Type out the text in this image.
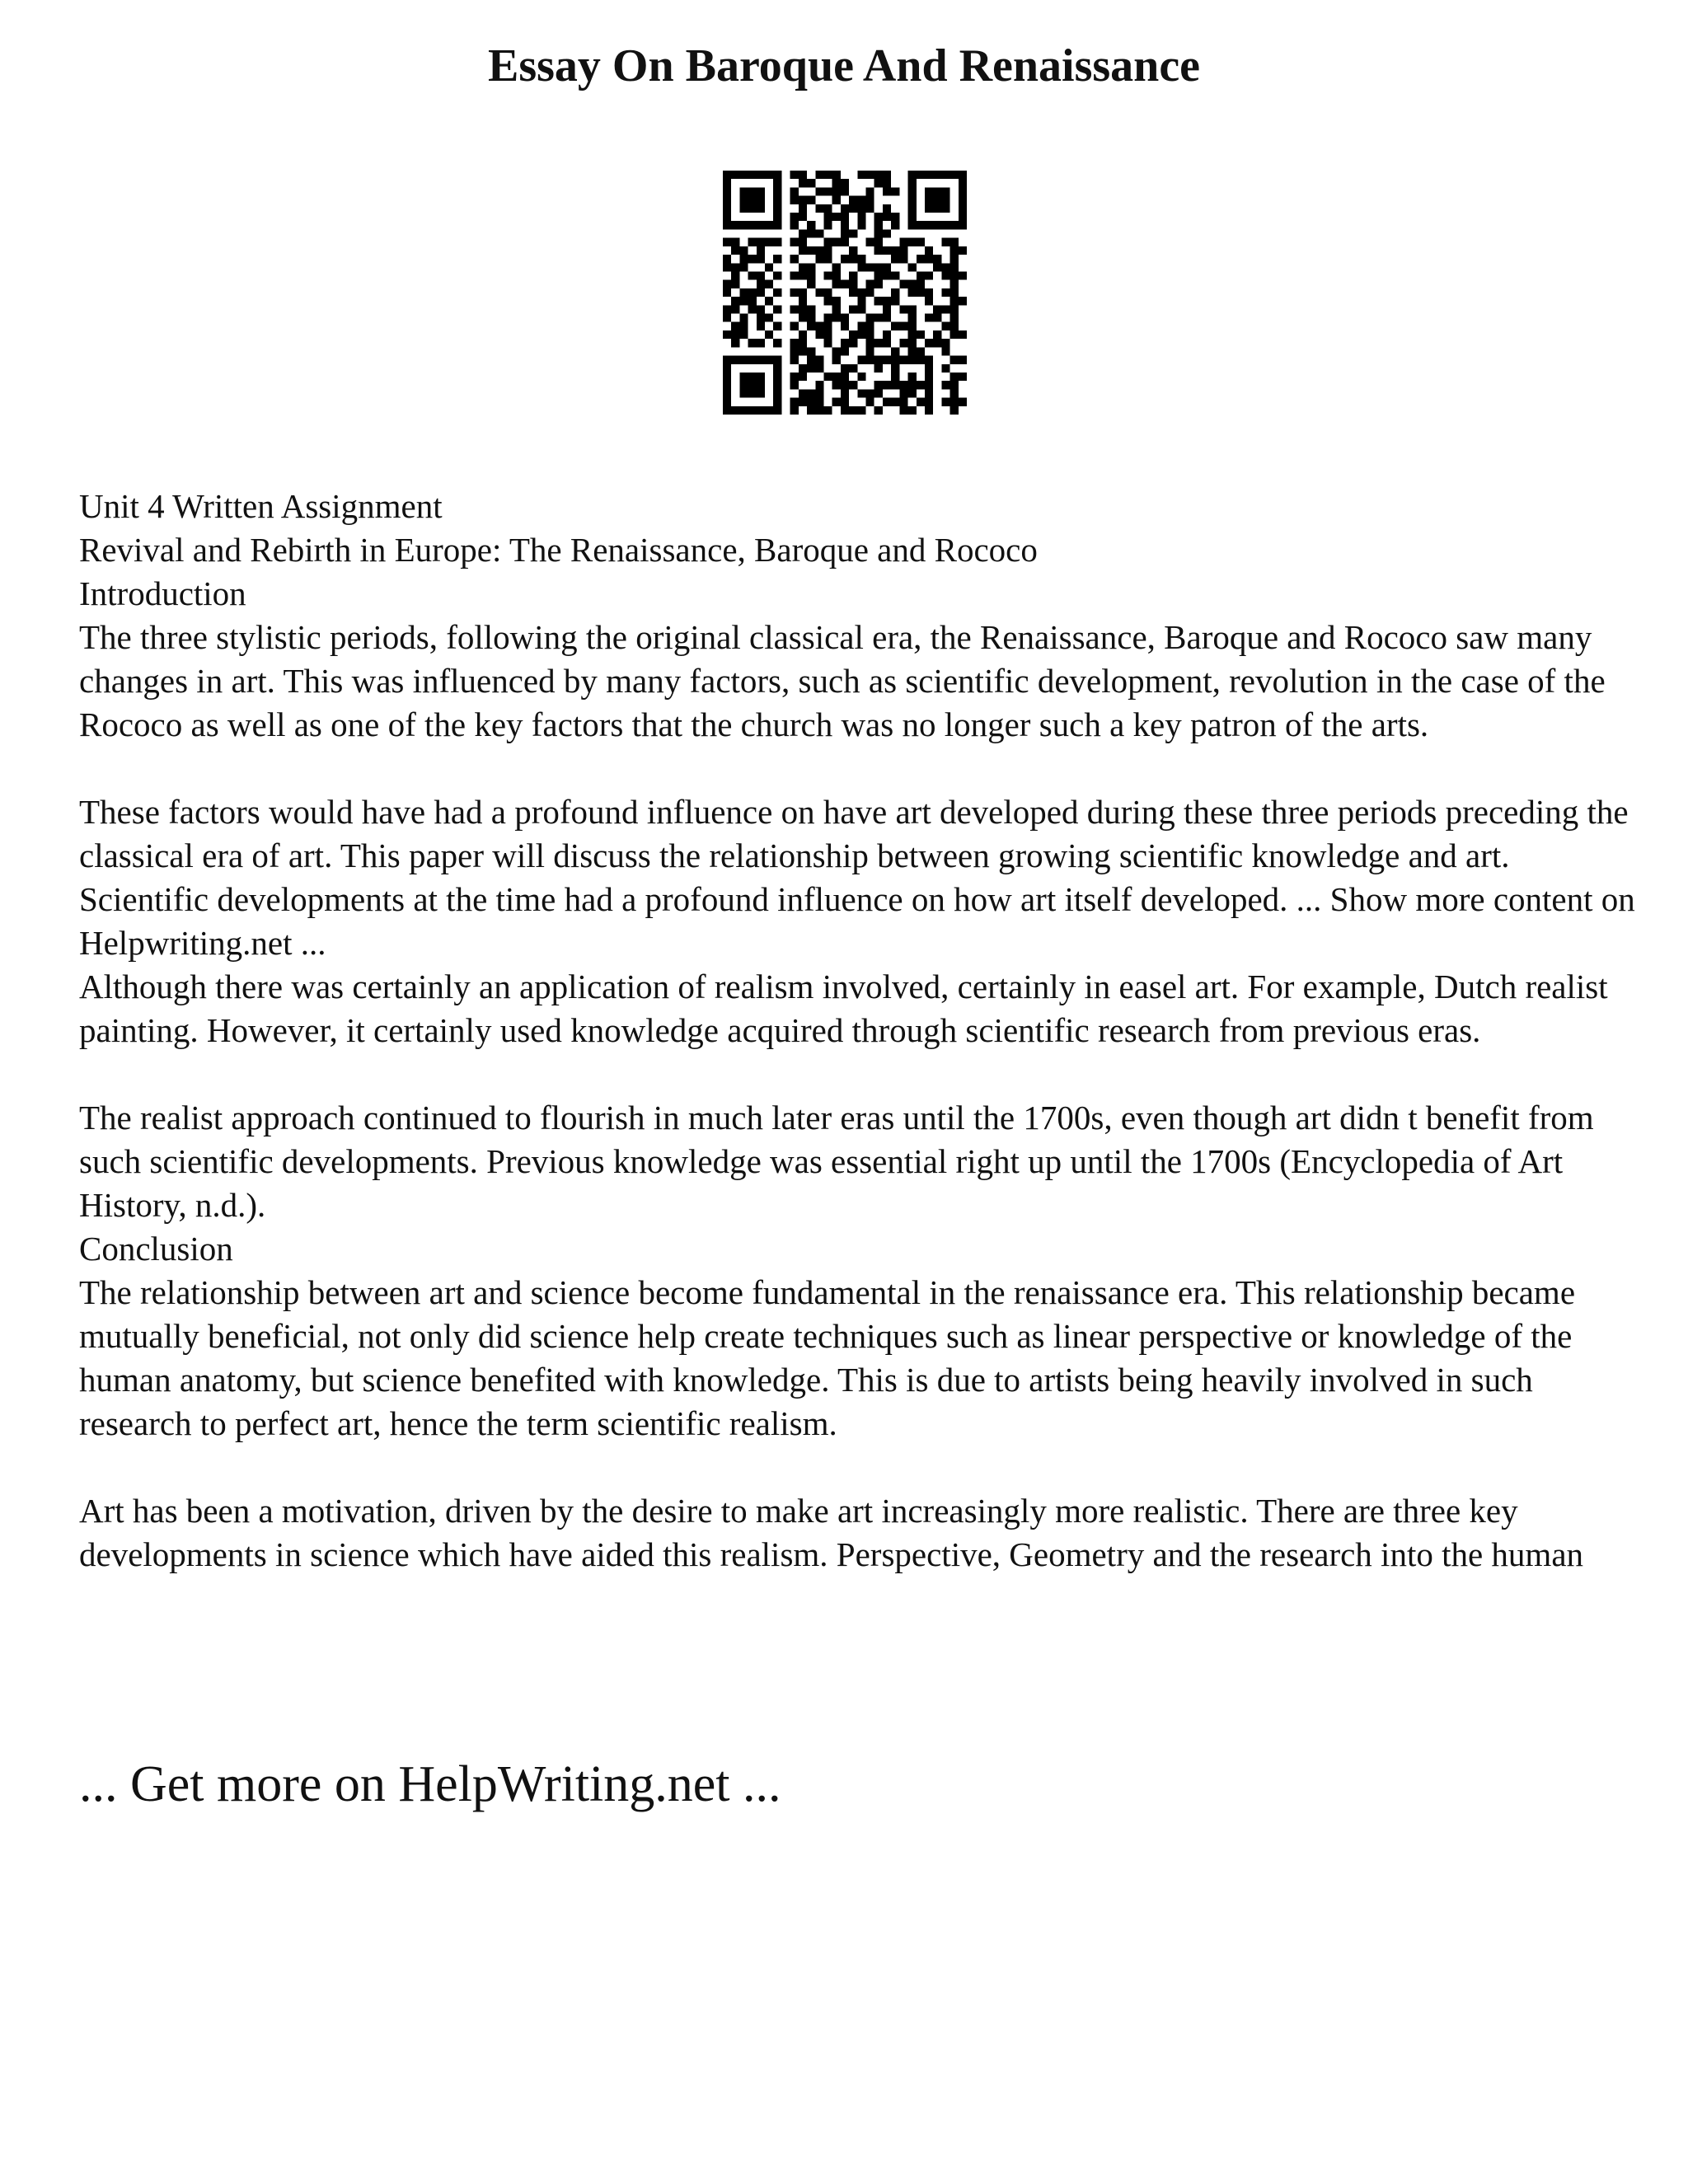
Essay On Baroque And Renaissance
Unit 4 Written Assignment
Revival and Rebirth in Europe: The Renaissance, Baroque and Rococo
Introduction

The three stylistic periods, following the original classical era, the Renaissance, Baroque and Rococo saw many changes in art. This was influenced by many factors, such as scientific development, revolution in the case of the Rococo as well as one of the key factors that the church was no longer such a key patron of the arts.

These factors would have had a profound influence on have art developed during these three periods preceding the classical era of art. This paper will discuss the relationship between growing scientific knowledge and art. Scientific developments at the time had a profound influence on how art itself developed. ... Show more content on Helpwriting.net ...

Although there was certainly an application of realism involved, certainly in easel art. For example, Dutch realist painting. However, it certainly used knowledge acquired through scientific research from previous eras.

The realist approach continued to flourish in much later eras until the 1700s, even though art didn t benefit from such scientific developments. Previous knowledge was essential right up until the 1700s (Encyclopedia of Art History, n.d.).

Conclusion

The relationship between art and science become fundamental in the renaissance era. This relationship became mutually beneficial, not only did science help create techniques such as linear perspective or knowledge of the human anatomy, but science benefited with knowledge. This is due to artists being heavily involved in such research to perfect art, hence the term scientific realism.

Art has been a motivation, driven by the desire to make art increasingly more realistic. There are three key developments in science which have aided this realism. Perspective, Geometry and the research into the human

... Get more on HelpWriting.net ...
